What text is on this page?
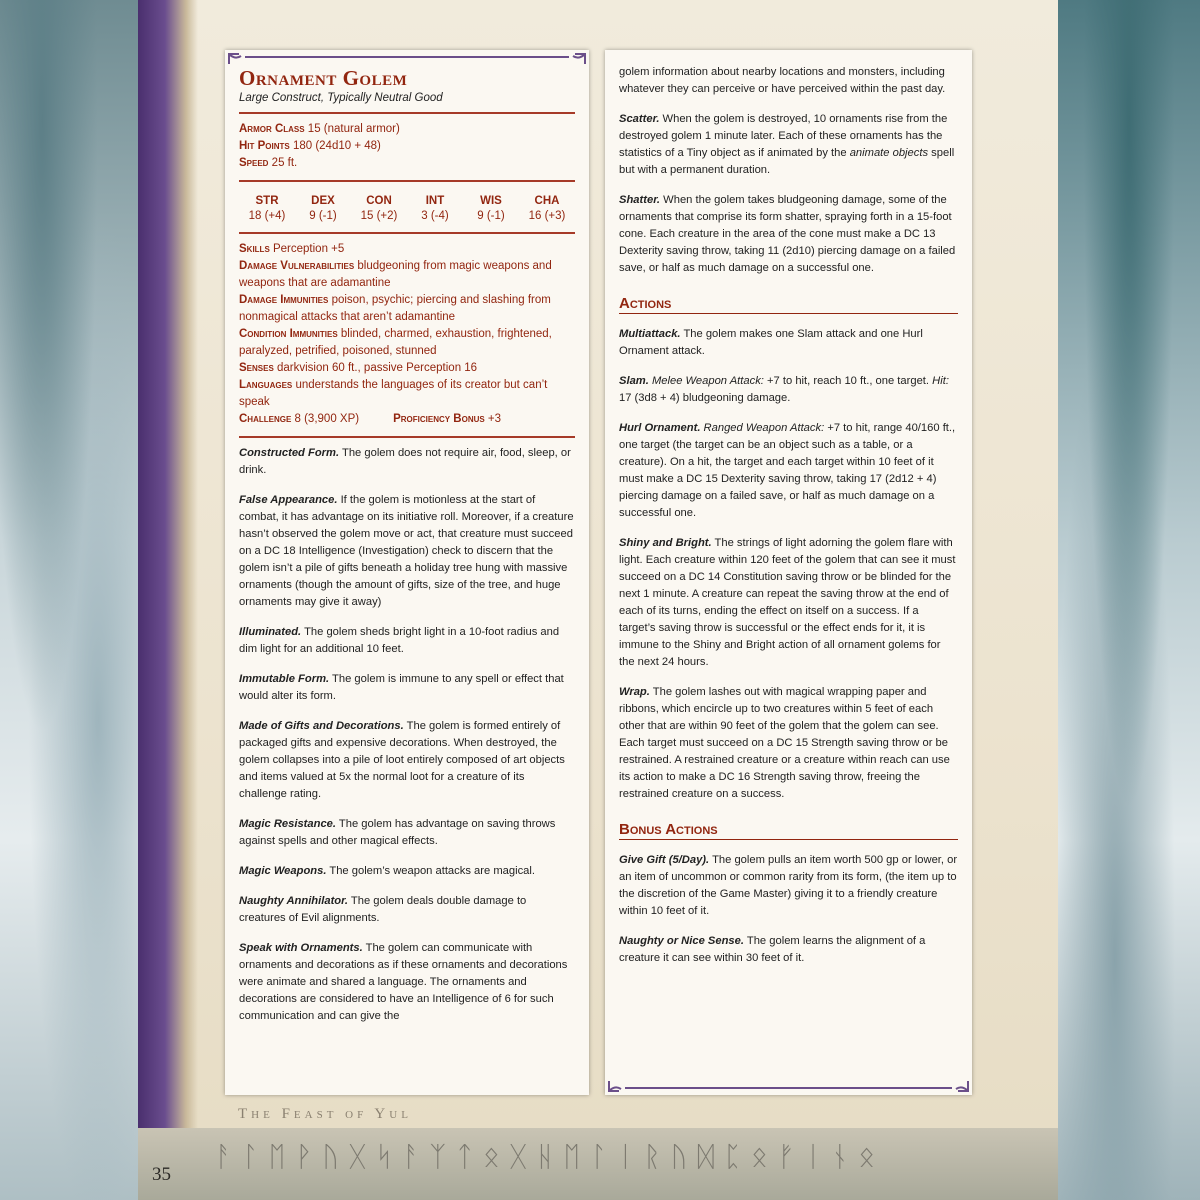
Ornament Golem

Large Construct, Typically Neutral Good

Armor Class 15 (natural armor)

Hit Points 180 (24d10 + 48)

Speed 25 ft.

STR
18 (+4)
DEX
9 (-1)
CON
15 (+2)
INT
3 (-4)
WIS
9 (-1)
CHA
16 (+3)

Skills Perception +5

Damage Vulnerabilities bludgeoning from magic weapons and weapons that are adamantine

Damage Immunities poison, psychic; piercing and slashing from nonmagical attacks that aren’t adamantine

Condition Immunities blinded, charmed, exhaustion, frightened, paralyzed, petrified, poisoned, stunned

Senses darkvision 60 ft., passive Perception 16

Languages understands the languages of its creator but can’t speak

Challenge 8 (3,900 XP)	Proficiency Bonus +3

Constructed Form. The golem does not require air, food, sleep, or drink.

False Appearance. If the golem is motionless at the start of combat, it has advantage on its initiative roll. Moreover, if a creature hasn’t observed the golem move or act, that creature must succeed on a DC 18 Intelligence (Investigation) check to discern that the golem isn’t a pile of gifts beneath a holiday tree hung with massive ornaments (though the amount of gifts, size of the tree, and huge ornaments may give it away)

Illuminated. The golem sheds bright light in a 10-foot radius and dim light for an additional 10 feet.

Immutable Form. The golem is immune to any spell or effect that would alter its form.

Made of Gifts and Decorations. The golem is formed entirely of packaged gifts and expensive decorations. When destroyed, the golem collapses into a pile of loot entirely composed of art objects and items valued at 5x the normal loot for a creature of its challenge rating.

Magic Resistance. The golem has advantage on saving throws against spells and other magical effects.

Magic Weapons. The golem’s weapon attacks are magical.

Naughty Annihilator. The golem deals double damage to creatures of Evil alignments.

Speak with Ornaments. The golem can communicate with ornaments and decorations as if these ornaments and decorations were animate and shared a language. The ornaments and decorations are considered to have an Intelligence of 6 for such communication and can give the

golem information about nearby locations and monsters, including whatever they can perceive or have perceived within the past day.

Scatter. When the golem is destroyed, 10 ornaments rise from the destroyed golem 1 minute later. Each of these ornaments has the statistics of a Tiny object as if animated by the animate objects spell but with a permanent duration.

Shatter. When the golem takes bludgeoning damage, some of the ornaments that comprise its form shatter, spraying forth in a 15-foot cone. Each creature in the area of the cone must make a DC 13 Dexterity saving throw, taking 11 (2d10) piercing damage on a failed save, or half as much damage on a successful one.

Actions

Multiattack. The golem makes one Slam attack and one Hurl Ornament attack.

Slam. Melee Weapon Attack: +7 to hit, reach 10 ft., one target. Hit: 17 (3d8 + 4) bludgeoning damage.

Hurl Ornament. Ranged Weapon Attack: +7 to hit, range 40/160 ft., one target (the target can be an object such as a table, or a creature). On a hit, the target and each target within 10 feet of it must make a DC 15 Dexterity saving throw, taking 17 (2d12 + 4) piercing damage on a failed save, or half as much damage on a successful one.

Shiny and Bright. The strings of light adorning the golem flare with light. Each creature within 120 feet of the golem that can see it must succeed on a DC 14 Constitution saving throw or be blinded for the next 1 minute. A creature can repeat the saving throw at the end of each of its turns, ending the effect on itself on a success. If a target’s saving throw is successful or the effect ends for it, it is immune to the Shiny and Bright action of all ornament golems for the next 24 hours.

Wrap. The golem lashes out with magical wrapping paper and ribbons, which encircle up to two creatures within 5 feet of each other that are within 90 feet of the golem that the golem can see. Each target must succeed on a DC 15 Strength saving throw or be restrained. A restrained creature or a creature within reach can use its action to make a DC 16 Strength saving throw, freeing the restrained creature on a success.

Bonus Actions

Give Gift (5/Day). The golem pulls an item worth 500 gp or lower, or an item of uncommon or common rarity from its form, (the item up to the discretion of the Game Master) giving it to a friendly creature within 10 feet of it.

Naughty or Nice Sense. The golem learns the alignment of a creature it can see within 30 feet of it.

The Feast of Yul

ᚨᛚᛖᚹᚢᚷᛋᚨᛉᛏᛟᚷᚺᛖᛚᛁᚱᚢᛞᛈᛟᚠᛁᚾᛟ

35
